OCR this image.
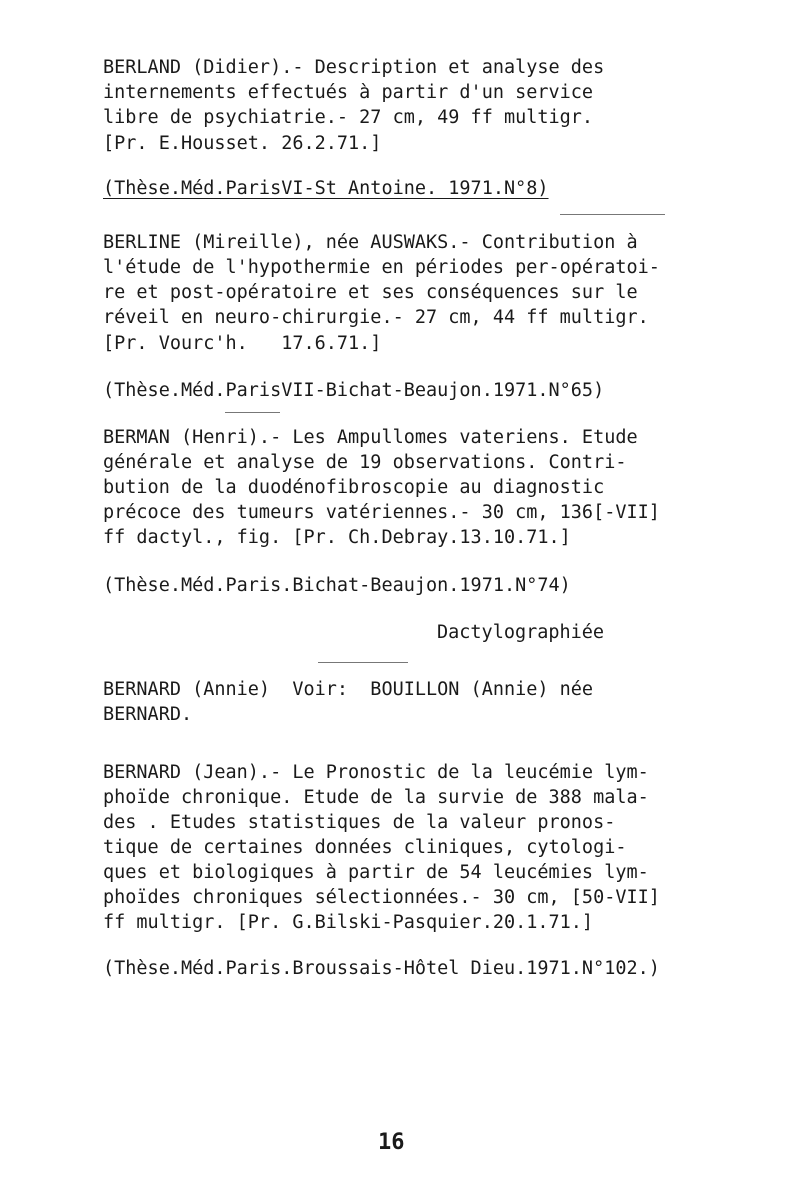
BERLAND (Didier).- Description et analyse des
internements effectués à partir d'un service
libre de psychiatrie.- 27 cm, 49 ff multigr.
[Pr. E.Housset. 26.2.71.]
(Thèse.Méd.ParisVI-St Antoine. 1971.N°8)
BERLINE (Mireille), née AUSWAKS.- Contribution à
l'étude de l'hypothermie en périodes per-opératoi-
re et post-opératoire et ses conséquences sur le
réveil en neuro-chirurgie.- 27 cm, 44 ff multigr.
[Pr. Vourc'h.   17.6.71.]
(Thèse.Méd.ParisVII-Bichat-Beaujon.1971.N°65)
BERMAN (Henri).- Les Ampullomes vateriens. Etude
générale et analyse de 19 observations. Contri-
bution de la duodénofibroscopie au diagnostic
précoce des tumeurs vatériennes.- 30 cm, 136[-VII]
ff dactyl., fig. [Pr. Ch.Debray.13.10.71.]
(Thèse.Méd.Paris.Bichat-Beaujon.1971.N°74)
Dactylographiée
BERNARD (Annie)  Voir:  BOUILLON (Annie) née
BERNARD.
BERNARD (Jean).- Le Pronostic de la leucémie lym-
phoïde chronique. Etude de la survie de 388 mala-
des . Etudes statistiques de la valeur pronos-
tique de certaines données cliniques, cytologi-
ques et biologiques à partir de 54 leucémies lym-
phoïdes chroniques sélectionnées.- 30 cm, [50-VII]
ff multigr. [Pr. G.Bilski-Pasquier.20.1.71.]
(Thèse.Méd.Paris.Broussais-Hôtel Dieu.1971.N°102.)
16
